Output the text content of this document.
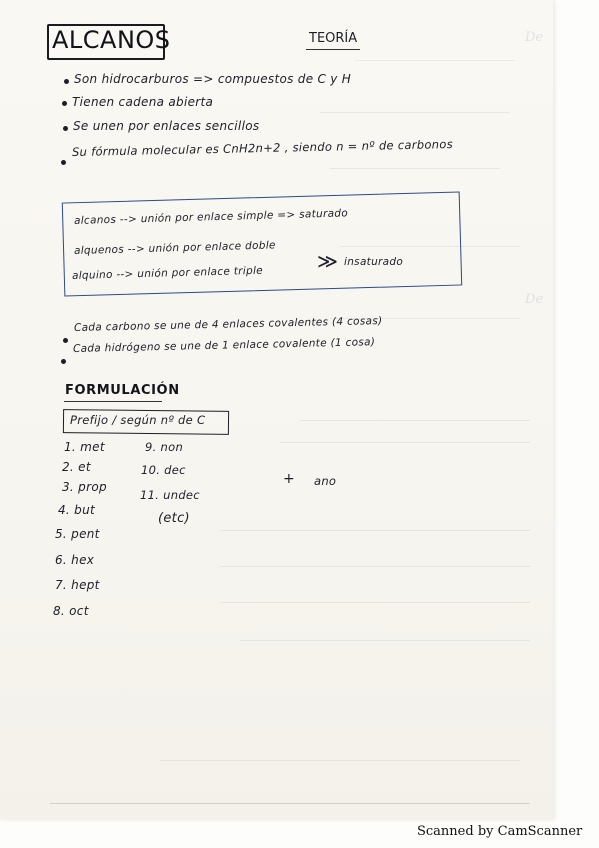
De
De
ALCANOS	TEORÍA
Son hidrocarburos => compuestos de C y H
Tienen cadena abierta
Se unen por enlaces sencillos
Su fórmula molecular es CnH2n+2 , siendo n = nº de carbonos
alcanos --> unión por enlace simple => saturado
alquenos --> unión por enlace doble
alquino --> unión por enlace triple
≫ insaturado
Cada carbono se une de 4 enlaces covalentes (4 cosas)
Cada hidrógeno se une de 1 enlace covalente (1 cosa)
FORMULACIÓN
Prefijo / según nº de C
1. met
2. et
3. prop
4. but
5. pent
6. hex
7. hept
8. oct
9. non
10. dec
11. undec
(etc)
+ ano
Scanned by CamScanner
